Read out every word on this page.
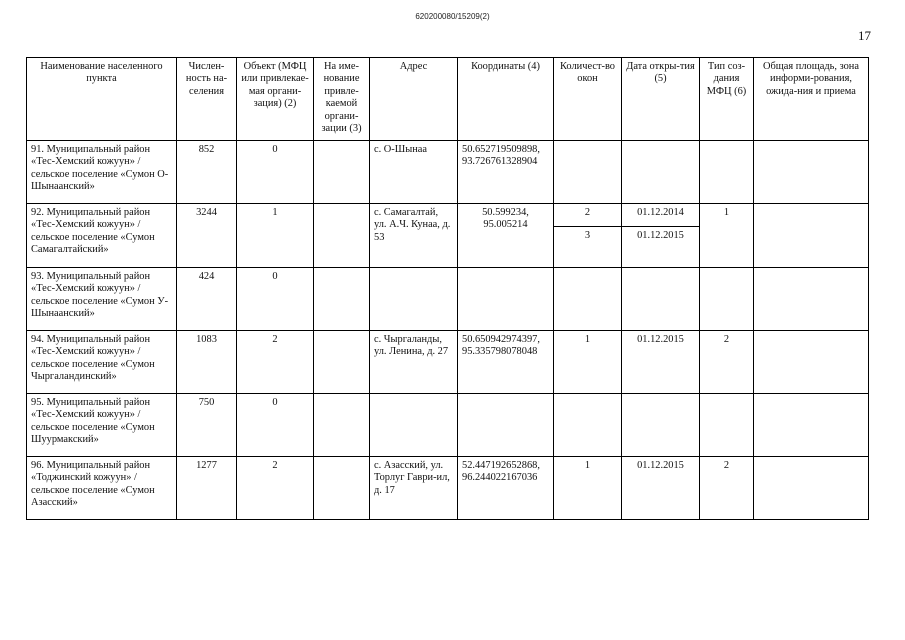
620200080/15209(2)
17
Наименование населенного пункта	Числен-ность на-селения	Объект (МФЦ или привлекае-мая органи-зация) (2)	На име-нование привле-каемой органи-зации (3)	Адрес	Координаты (4)	Количест-во окон	Дата откры-тия (5)	Тип соз-дания МФЦ (6)	Общая площадь, зона информи-рования, ожида-ния и приема
91. Муниципальный район «Тес-Хемский кожуун» / сельское поселение «Сумон О-Шынаанский»	852	0		с. О-Шынаа	50.652719509898, 93.726761328904				
92. Муниципальный район «Тес-Хемский кожуун» / сельское поселение «Сумон Самагалтайский»	3244	1		с. Самагалтай, ул. А.Ч. Кунаа, д. 53	50.599234, 95.005214	2	01.12.2014	1	
						3	01.12.2015		
93. Муниципальный район «Тес-Хемский кожуун» / сельское поселение «Сумон У-Шынаанский»	424	0							
94. Муниципальный район «Тес-Хемский кожуун» / сельское поселение «Сумон Чыргаландинский»	1083	2		с. Чыргаланды, ул. Ленина, д. 27	50.650942974397, 95.335798078048	1	01.12.2015	2	
95. Муниципальный район «Тес-Хемский кожуун» /сельское поселение «Сумон Шуурмакский»	750	0							
96. Муниципальный район «Тоджинский кожуун» / сельское поселение «Сумон Азасский»	1277	2		с. Азасский, ул. Торлуг Гаври-ил, д. 17	52.447192652868, 96.244022167036	1	01.12.2015	2	
